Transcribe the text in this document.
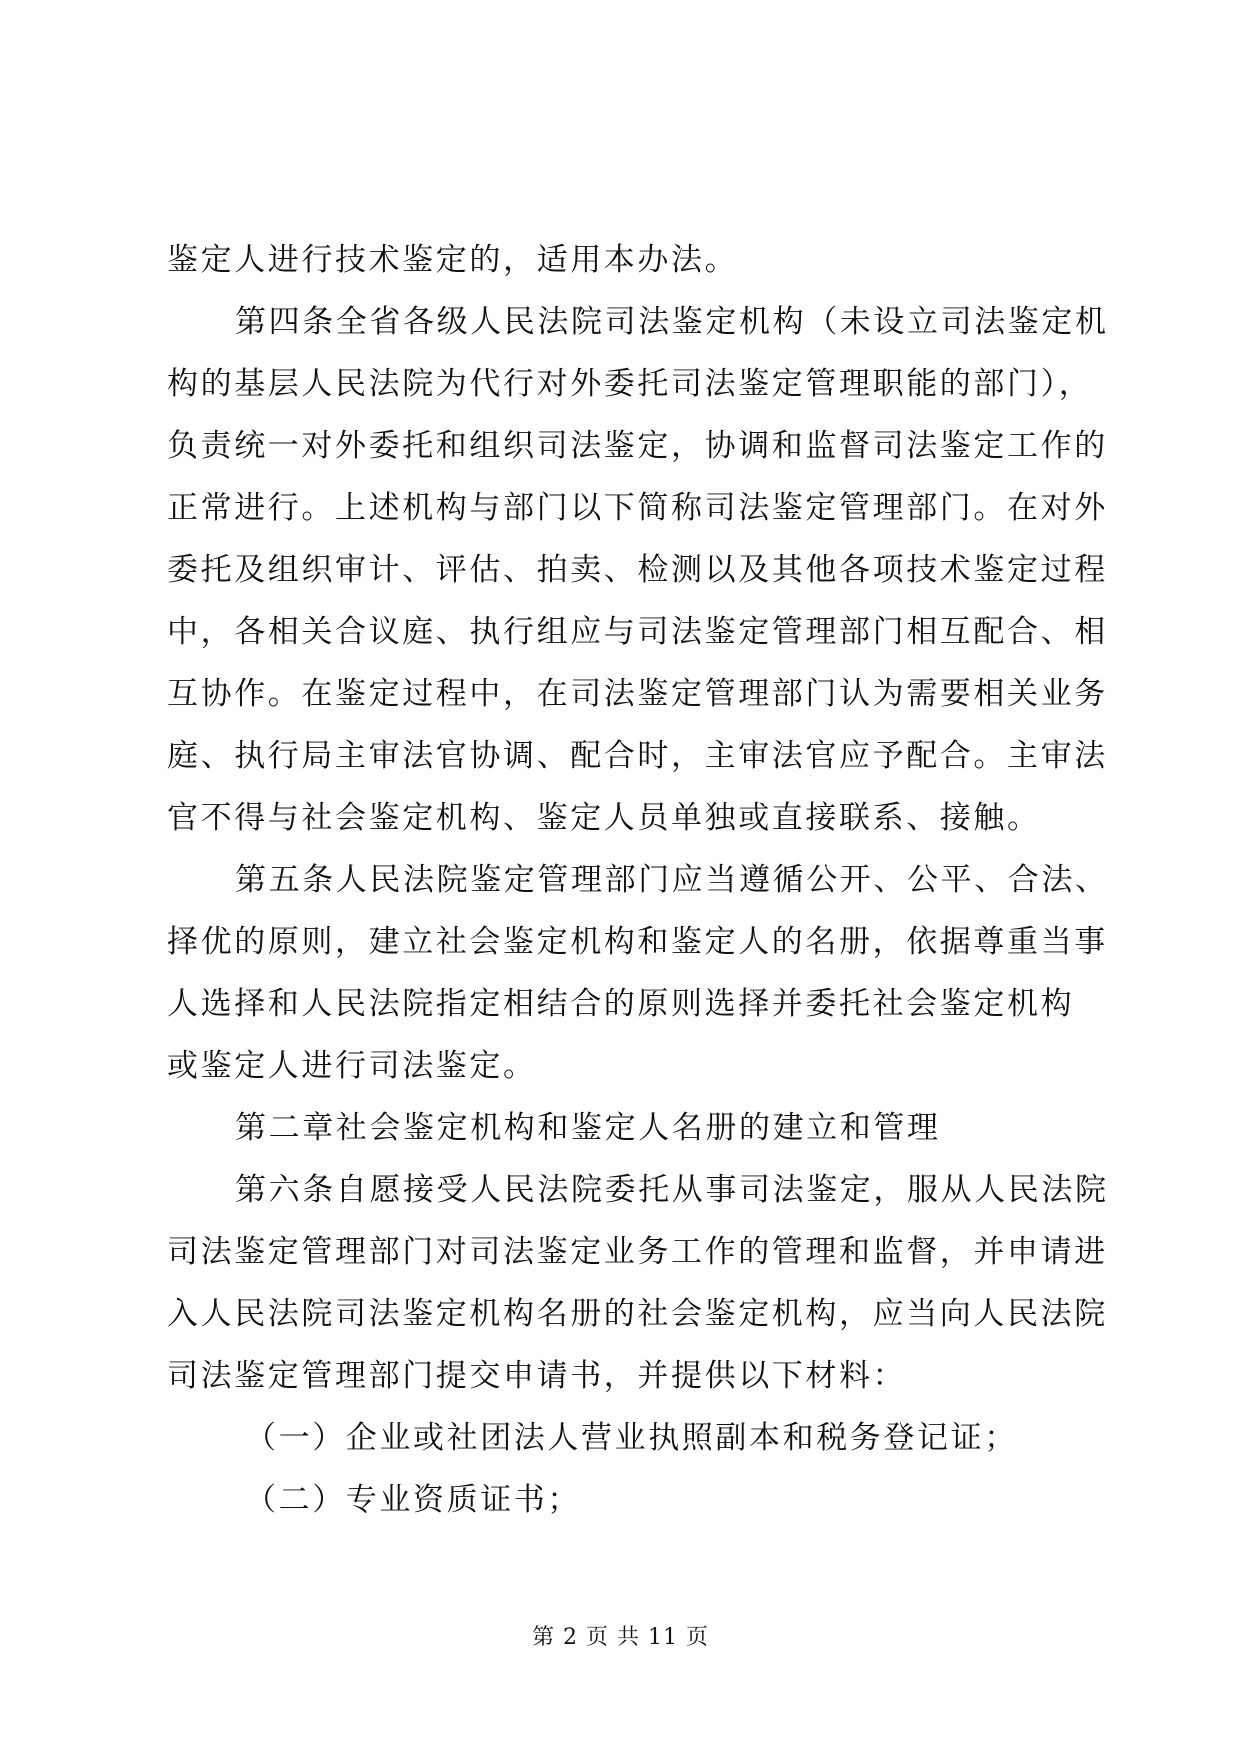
鉴定人进行技术鉴定的，适用本办法。
第四条全省各级人民法院司法鉴定机构（未设立司法鉴定机
构的基层人民法院为代行对外委托司法鉴定管理职能的部门），
负责统一对外委托和组织司法鉴定，协调和监督司法鉴定工作的
正常进行。上述机构与部门以下简称司法鉴定管理部门。在对外
委托及组织审计、评估、拍卖、检测以及其他各项技术鉴定过程
中，各相关合议庭、执行组应与司法鉴定管理部门相互配合、相
互协作。在鉴定过程中，在司法鉴定管理部门认为需要相关业务
庭、执行局主审法官协调、配合时，主审法官应予配合。主审法
官不得与社会鉴定机构、鉴定人员单独或直接联系、接触。
第五条人民法院鉴定管理部门应当遵循公开、公平、合法、
择优的原则，建立社会鉴定机构和鉴定人的名册，依据尊重当事
人选择和人民法院指定相结合的原则选择并委托社会鉴定机构
或鉴定人进行司法鉴定。
第二章社会鉴定机构和鉴定人名册的建立和管理
第六条自愿接受人民法院委托从事司法鉴定，服从人民法院
司法鉴定管理部门对司法鉴定业务工作的管理和监督，并申请进
入人民法院司法鉴定机构名册的社会鉴定机构，应当向人民法院
司法鉴定管理部门提交申请书，并提供以下材料：
（一）企业或社团法人营业执照副本和税务登记证；
（二）专业资质证书；
第 2 页 共 11 页
